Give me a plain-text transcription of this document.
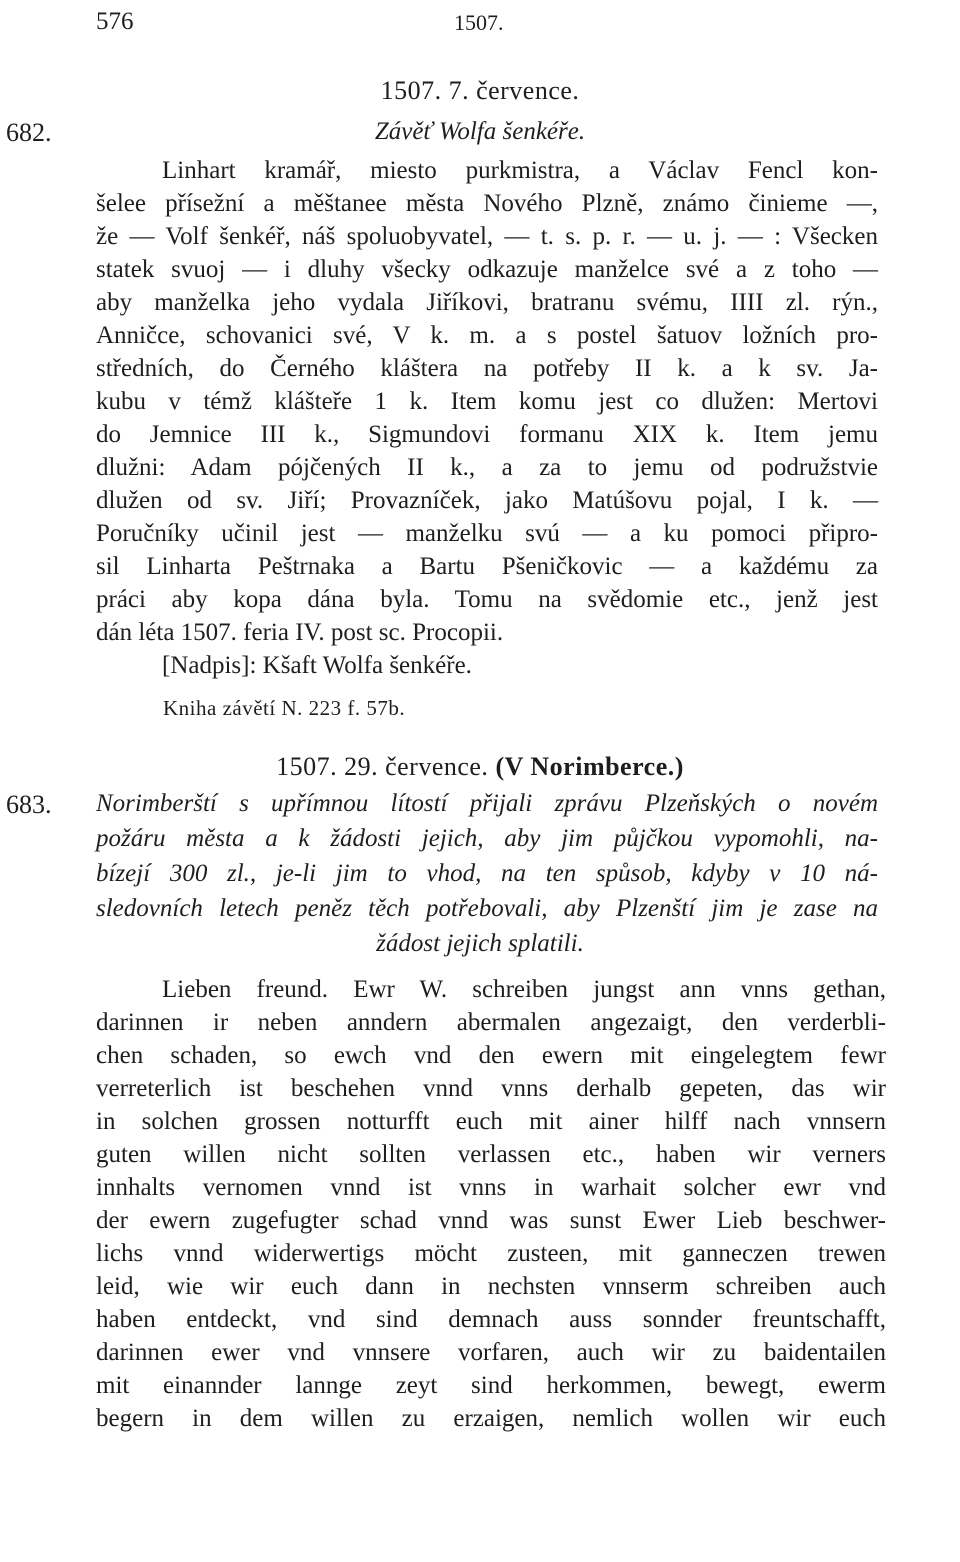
576	1507.
682.
1507. 7. července.
Závěť Wolfa šenkéře.
Linhart kramář, miesto purkmistra, a Václav Fencl kon-
šelee přísežní a měštanee města Nového Plzně, známo činieme —,
že — Volf šenkéř, náš spoluobyvatel, — t. s. p. r. — u. j. — : Všecken
statek svuoj — i dluhy všecky odkazuje manželce své a z toho —
aby manželka jeho vydala Jiříkovi, bratranu svému, IIII zl. rýn.,
Anničce, schovanici své, V k. m. a s postel šatuov ložních pro-
středních, do Černého kláštera na potřeby II k. a k sv. Ja-
kubu v témž klášteře 1 k. Item komu jest co dlužen: Mertovi
do Jemnice III k., Sigmundovi formanu XIX k. Item jemu
dlužni: Adam pójčených II k., a za to jemu od podružstvie
dlužen od sv. Jiří; Provazníček, jako Matúšovu pojal, I k. —
Poručníky učinil jest — manželku svú — a ku pomoci připro-
sil Linharta Peštrnaka a Bartu Pšeničkovic — a každému za
práci aby kopa dána byla. Tomu na svědomie etc., jenž jest
dán léta 1507. feria IV. post sc. Procopii.
[Nadpis]: Kšaft Wolfa šenkéře.
Kniha závětí N. 223 f. 57b.
683.
1507. 29. července. (V Norimberce.)
Norimberští s upřímnou lítostí přijali zprávu Plzeňských o novém
požáru města a k žádosti jejich, aby jim půjčkou vypomohli, na-
bízejí 300 zl., je-li jim to vhod, na ten spůsob, kdyby v 10 ná-
sledovních letech peněz těch potřebovali, aby Plzenští jim je zase na
žádost jejich splatili.
Lieben freund. Ewr W. schreiben jungst ann vnns gethan,
darinnen ir neben anndern abermalen angezaigt, den verderbli-
chen schaden, so ewch vnd den ewern mit eingelegtem fewr
verreterlich ist beschehen vnnd vnns derhalb gepeten, das wir
in solchen grossen notturfft euch mit ainer hilff nach vnnsern
guten willen nicht sollten verlassen etc., haben wir verners
innhalts vernomen vnnd ist vnns in warhait solcher ewr vnd
der ewern zugefugter schad vnnd was sunst Ewer Lieb beschwer-
lichs vnnd widerwertigs möcht zusteen, mit ganneczen trewen
leid, wie wir euch dann in nechsten vnnserm schreiben auch
haben entdeckt, vnd sind demnach auss sonnder freuntschafft,
darinnen ewer vnd vnnsere vorfaren, auch wir zu baidentailen
mit einannder lannge zeyt sind herkommen, bewegt, ewerm
begern in dem willen zu erzaigen, nemlich wollen wir euch
